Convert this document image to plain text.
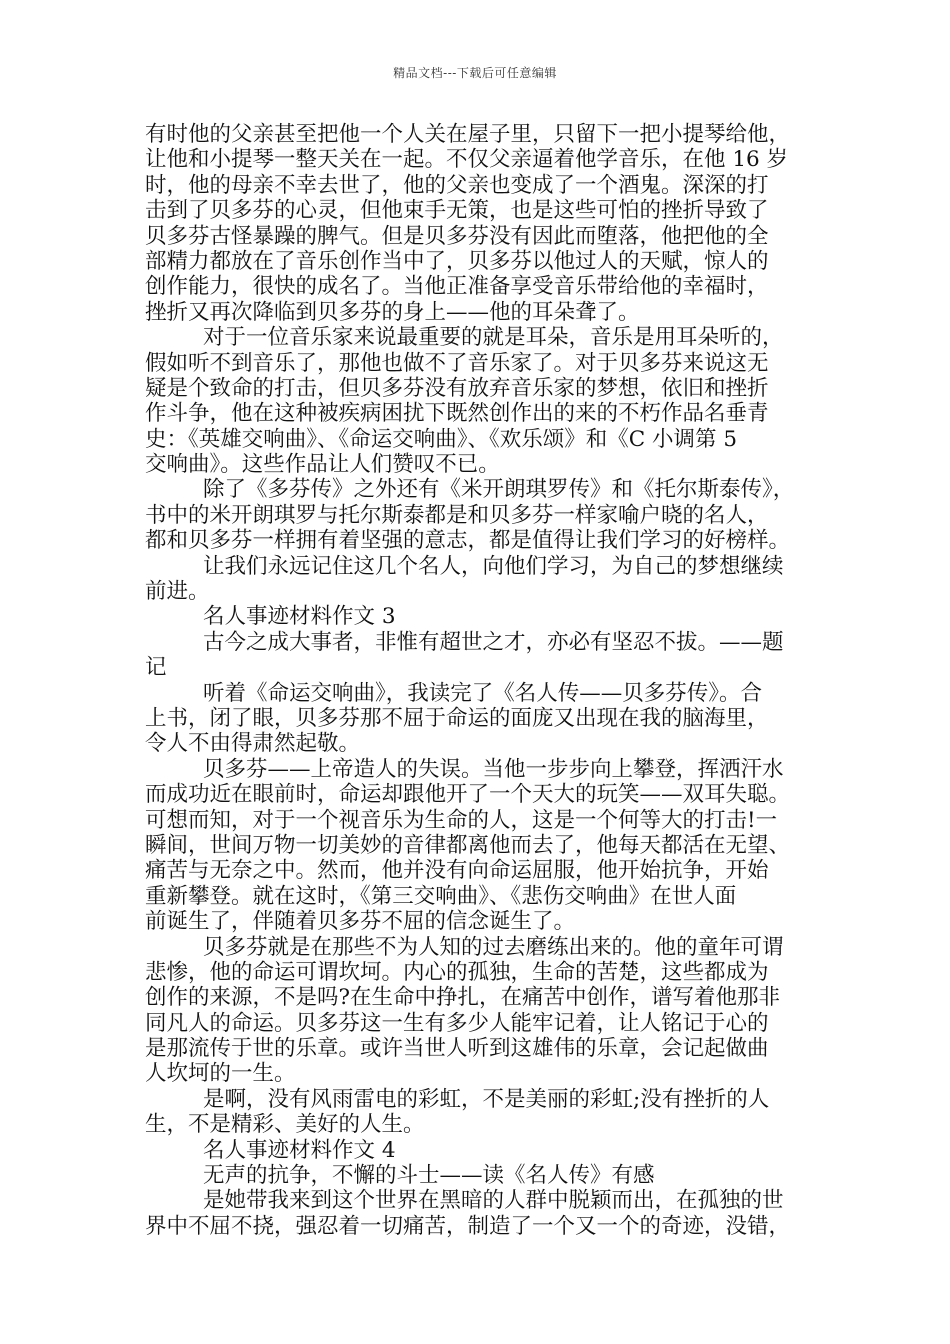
精品文档---下载后可任意编辑
有时他的父亲甚至把他一个人关在屋子里，只留下一把小提琴给他，
让他和小提琴一整天关在一起。不仅父亲逼着他学音乐，在他 16 岁
时，他的母亲不幸去世了，他的父亲也变成了一个酒鬼。深深的打
击到了贝多芬的心灵，但他束手无策，也是这些可怕的挫折导致了
贝多芬古怪暴躁的脾气。但是贝多芬没有因此而堕落，他把他的全
部精力都放在了音乐创作当中了，贝多芬以他过人的天赋，惊人的
创作能力，很快的成名了。当他正准备享受音乐带给他的幸福时，
挫折又再次降临到贝多芬的身上——他的耳朵聋了。
对于一位音乐家来说最重要的就是耳朵，音乐是用耳朵听的，
假如听不到音乐了，那他也做不了音乐家了。对于贝多芬来说这无
疑是个致命的打击，但贝多芬没有放弃音乐家的梦想，依旧和挫折
作斗争，他在这种被疾病困扰下既然创作出的来的不朽作品名垂青
史：《英雄交响曲》、《命运交响曲》、《欢乐颂》和《C 小调第 5
交响曲》。这些作品让人们赞叹不已。
除了《多芬传》之外还有《米开朗琪罗传》和《托尔斯泰传》，
书中的米开朗琪罗与托尔斯泰都是和贝多芬一样家喻户晓的名人，
都和贝多芬一样拥有着坚强的意志，都是值得让我们学习的好榜样。
让我们永远记住这几个名人，向他们学习，为自己的梦想继续
前进。
名人事迹材料作文 3
古今之成大事者，非惟有超世之才，亦必有坚忍不拔。——题
记
听着《命运交响曲》，我读完了《名人传——贝多芬传》。合
上书，闭了眼，贝多芬那不屈于命运的面庞又出现在我的脑海里，
令人不由得肃然起敬。
贝多芬——上帝造人的失误。当他一步步向上攀登，挥洒汗水
而成功近在眼前时，命运却跟他开了一个天大的玩笑——双耳失聪。
可想而知，对于一个视音乐为生命的人，这是一个何等大的打击!一
瞬间，世间万物一切美妙的音律都离他而去了，他每天都活在无望、
痛苦与无奈之中。然而，他并没有向命运屈服，他开始抗争，开始
重新攀登。就在这时，《第三交响曲》、《悲伤交响曲》在世人面
前诞生了，伴随着贝多芬不屈的信念诞生了。
贝多芬就是在那些不为人知的过去磨练出来的。他的童年可谓
悲惨，他的命运可谓坎坷。内心的孤独，生命的苦楚，这些都成为
创作的来源，不是吗?在生命中挣扎，在痛苦中创作，谱写着他那非
同凡人的命运。贝多芬这一生有多少人能牢记着，让人铭记于心的
是那流传于世的乐章。或许当世人听到这雄伟的乐章，会记起做曲
人坎坷的一生。
是啊，没有风雨雷电的彩虹，不是美丽的彩虹;没有挫折的人
生，不是精彩、美好的人生。
名人事迹材料作文 4
无声的抗争，不懈的斗士——读《名人传》有感
是她带我来到这个世界在黑暗的人群中脱颖而出，在孤独的世
界中不屈不挠，强忍着一切痛苦，制造了一个又一个的奇迹，没错，
